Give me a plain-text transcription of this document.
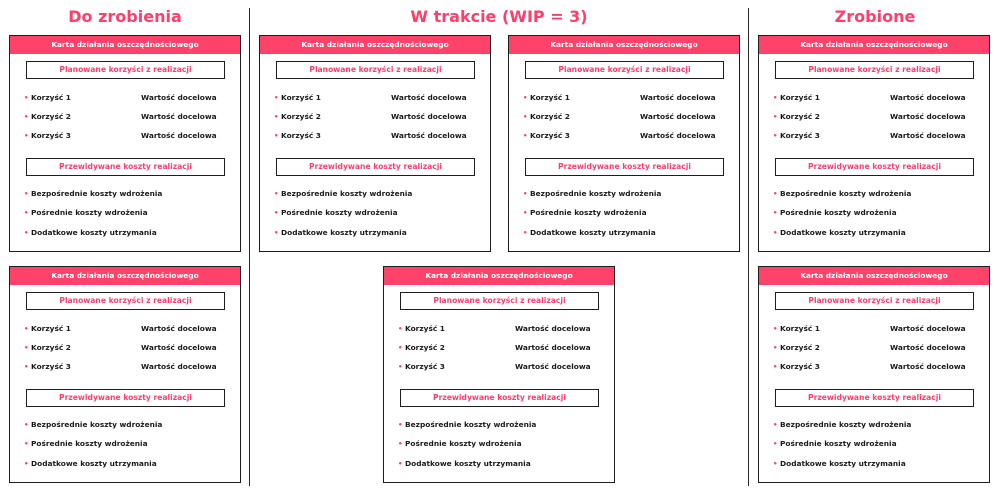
Do zrobienia	W trakcie (WIP = 3)	Zrobione
Karta działania oszczędnościowego
Planowane korzyści z realizacji
• Korzyść 1	Wartość docelowa
• Korzyść 2	Wartość docelowa
• Korzyść 3	Wartość docelowa
Przewidywane koszty realizacji
• Bezpośrednie koszty wdrożenia
• Pośrednie koszty wdrożenia
• Dodatkowe koszty utrzymania
Karta działania oszczędnościowego
Planowane korzyści z realizacji
• Korzyść 1	Wartość docelowa
• Korzyść 2	Wartość docelowa
• Korzyść 3	Wartość docelowa
Przewidywane koszty realizacji
• Bezpośrednie koszty wdrożenia
• Pośrednie koszty wdrożenia
• Dodatkowe koszty utrzymania
Karta działania oszczędnościowego
Planowane korzyści z realizacji
• Korzyść 1	Wartość docelowa
• Korzyść 2	Wartość docelowa
• Korzyść 3	Wartość docelowa
Przewidywane koszty realizacji
• Bezpośrednie koszty wdrożenia
• Pośrednie koszty wdrożenia
• Dodatkowe koszty utrzymania
Karta działania oszczędnościowego
Planowane korzyści z realizacji
• Korzyść 1	Wartość docelowa
• Korzyść 2	Wartość docelowa
• Korzyść 3	Wartość docelowa
Przewidywane koszty realizacji
• Bezpośrednie koszty wdrożenia
• Pośrednie koszty wdrożenia
• Dodatkowe koszty utrzymania
Karta działania oszczędnościowego
Planowane korzyści z realizacji
• Korzyść 1	Wartość docelowa
• Korzyść 2	Wartość docelowa
• Korzyść 3	Wartość docelowa
Przewidywane koszty realizacji
• Bezpośrednie koszty wdrożenia
• Pośrednie koszty wdrożenia
• Dodatkowe koszty utrzymania
Karta działania oszczędnościowego
Planowane korzyści z realizacji
• Korzyść 1	Wartość docelowa
• Korzyść 2	Wartość docelowa
• Korzyść 3	Wartość docelowa
Przewidywane koszty realizacji
• Bezpośrednie koszty wdrożenia
• Pośrednie koszty wdrożenia
• Dodatkowe koszty utrzymania
Karta działania oszczędnościowego
Planowane korzyści z realizacji
• Korzyść 1	Wartość docelowa
• Korzyść 2	Wartość docelowa
• Korzyść 3	Wartość docelowa
Przewidywane koszty realizacji
• Bezpośrednie koszty wdrożenia
• Pośrednie koszty wdrożenia
• Dodatkowe koszty utrzymania
